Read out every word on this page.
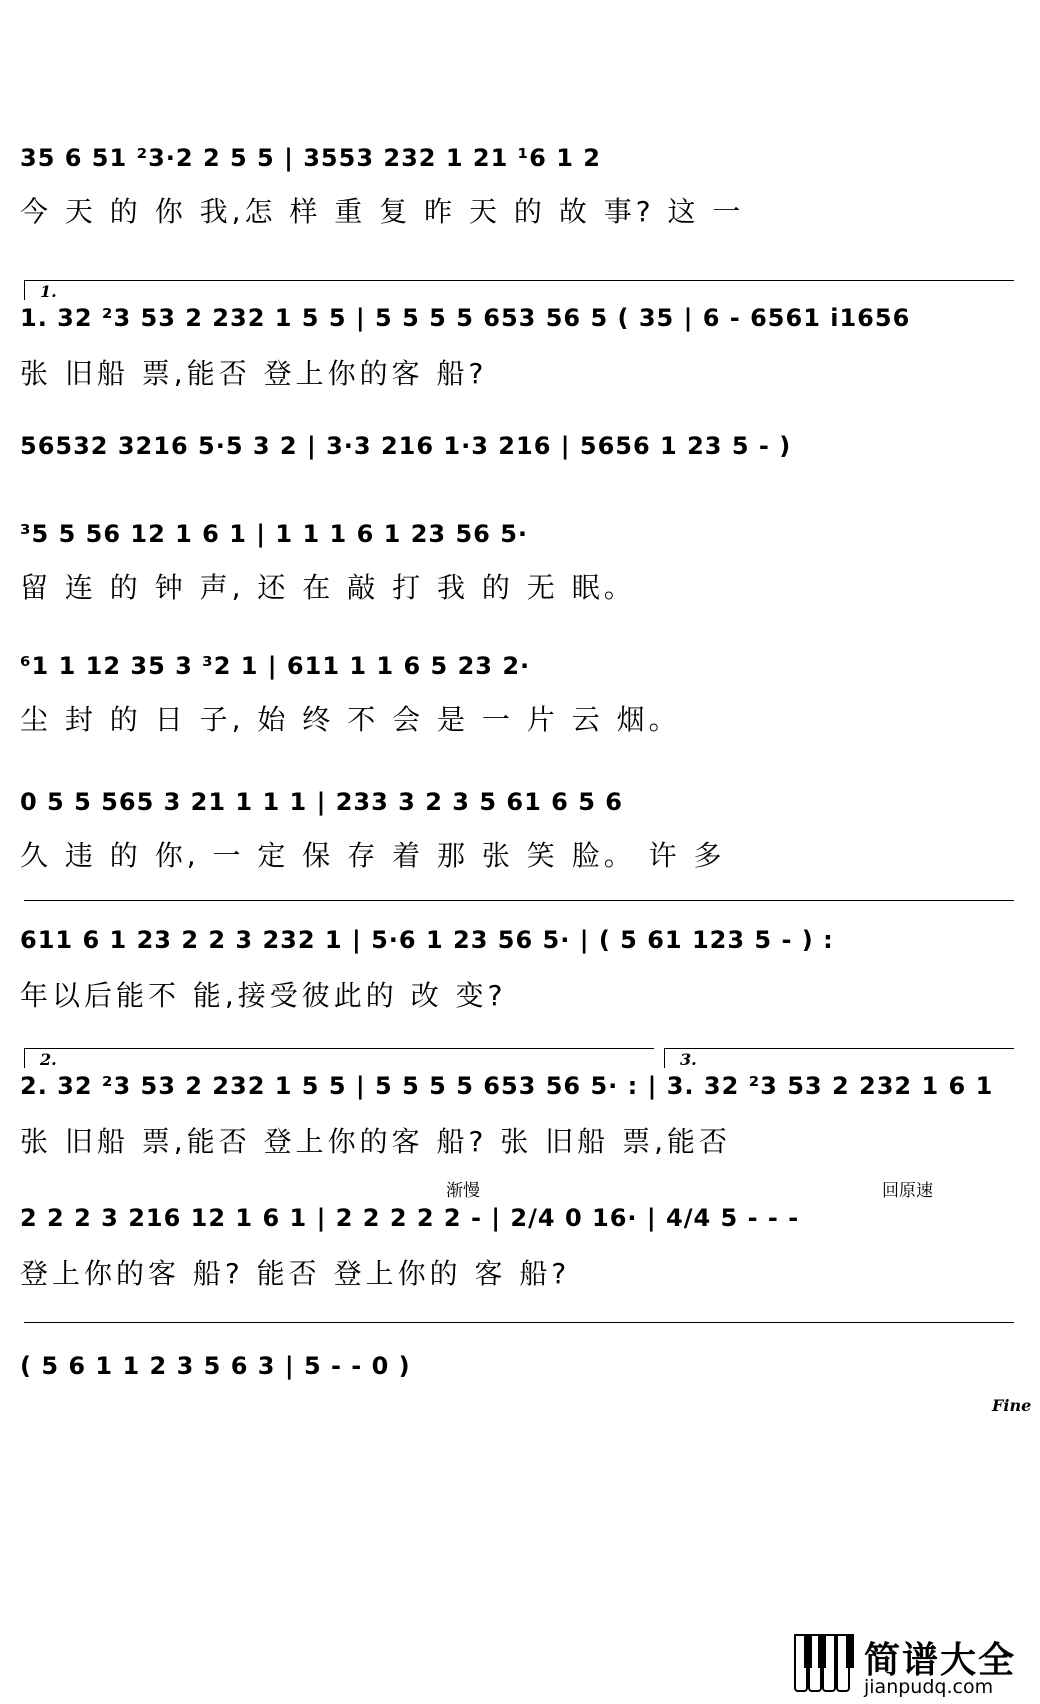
35 6 51 ²3·2 2 5 5 | 3553 232 1 21 ¹6 1 2
今 天 的 你 我,怎 样 重 复 昨 天 的 故 事? 这 一
1.
1. 32 ²3 53 2 232 1 5 5 | 5 5 5 5 653 56 5 ( 35 | 6 - 6561 i1656
张 旧船 票,能否 登上你的客 船?
56532 3216 5·5 3 2 | 3·3 216 1·3 216 | 5656 1 23 5 - )
³5 5 56 12 1 6 1 | 1 1 1 6 1 23 56 5·
留 连 的 钟 声, 还 在 敲 打 我 的 无 眠。
⁶1 1 12 35 3 ³2 1 | 611 1 1 6 5 23 2·
尘 封 的 日 子, 始 终 不 会 是 一 片 云 烟。
0 5 5 565 3 21 1 1 1 | 233 3 2 3 5 61 6 5 6
久 违 的 你, 一 定 保 存 着 那 张 笑 脸。 许 多
611 6 1 23 2 2 3 232 1 | 5·6 1 23 56 5· | ( 5 61 123 5 - ) :
年以后能不 能,接受彼此的 改 变?
2.	3.
2. 32 ²3 53 2 232 1 5 5 | 5 5 5 5 653 56 5· : | 3. 32 ²3 53 2 232 1 6 1
张 旧船 票,能否 登上你的客 船? 张 旧船 票,能否
渐慢	回原速
2 2 2 3 216 12 1 6 1 | 2 2 2 2 2 - | 2/4 0 16· | 4/4 5 - - -
登上你的客 船? 能否 登上你的 客 船?
( 5 6 1 1 2 3 5 6 3 | 5 - - 0 )
Fine
简谱大全
jianpudq.com
